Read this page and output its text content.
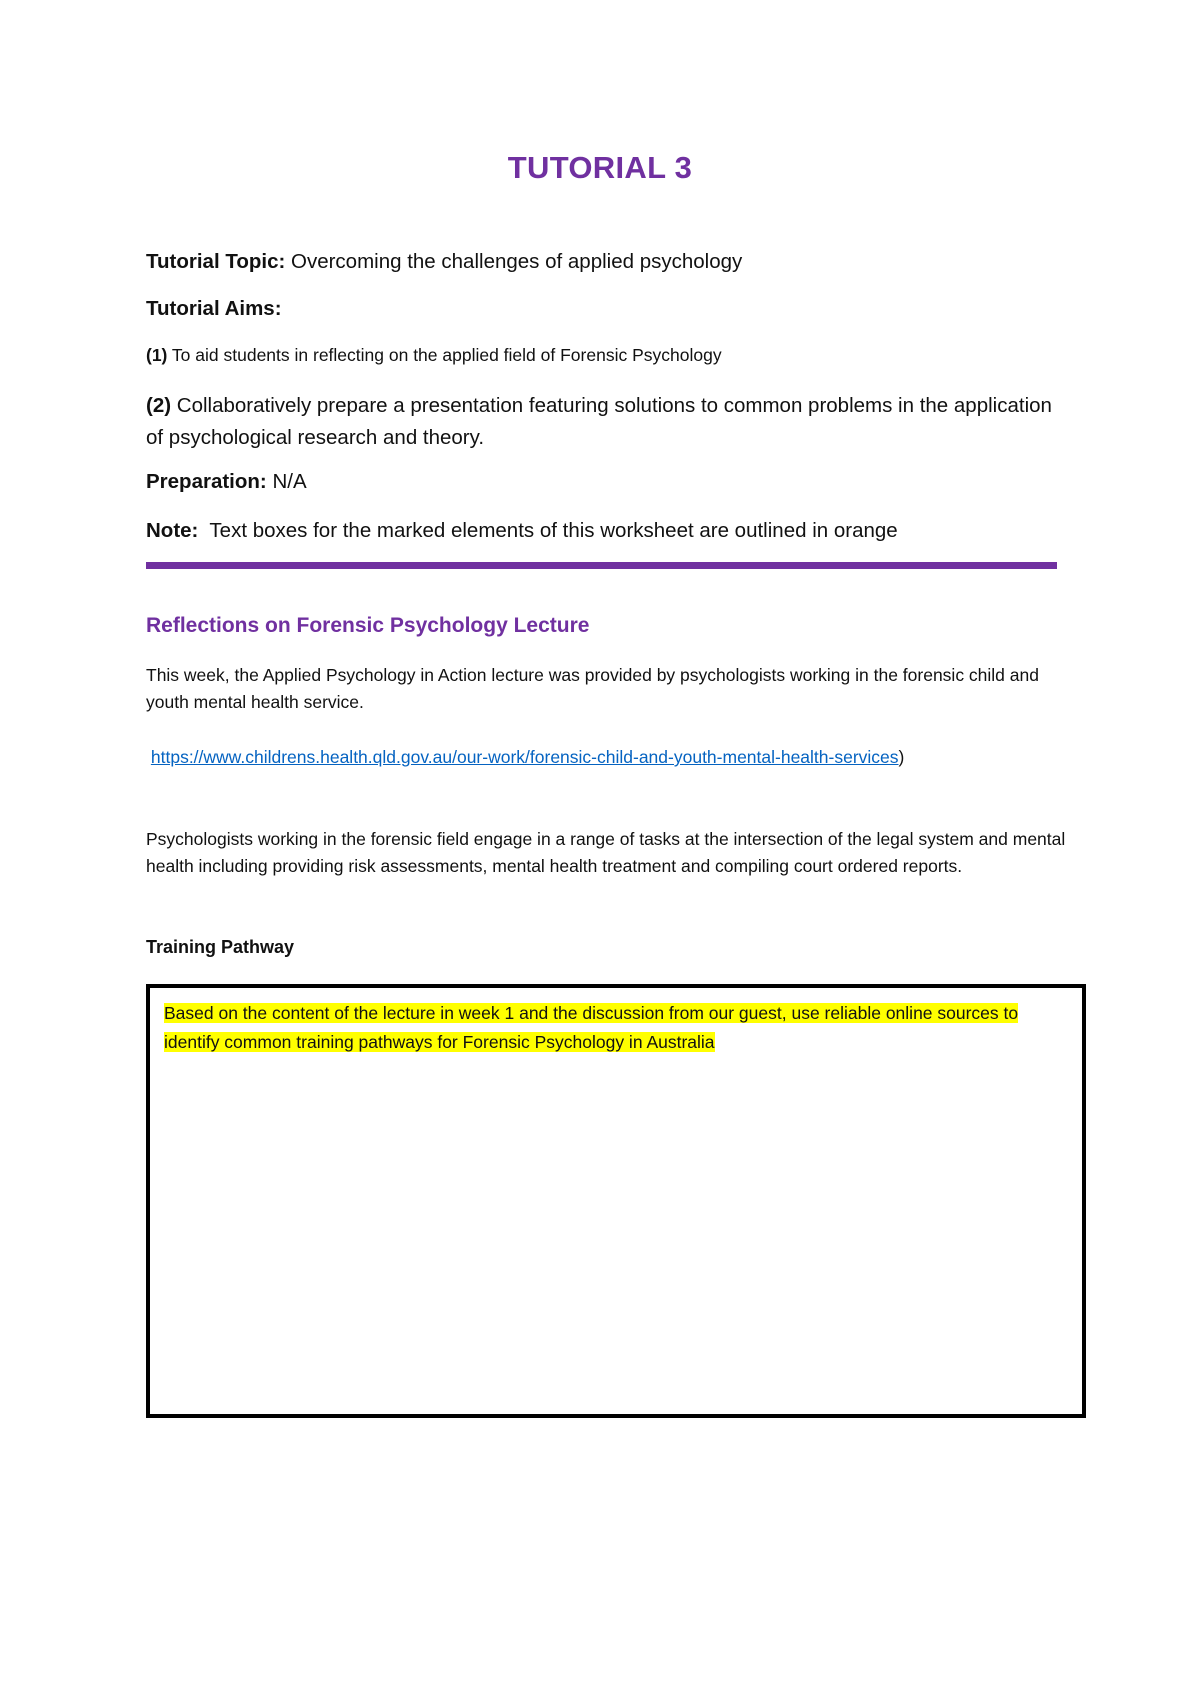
TUTORIAL 3
Tutorial Topic: Overcoming the challenges of applied psychology
Tutorial Aims:
(1) To aid students in reflecting on the applied field of Forensic Psychology
(2) Collaboratively prepare a presentation featuring solutions to common problems in the application of psychological research and theory.
Preparation: N/A
Note:  Text boxes for the marked elements of this worksheet are outlined in orange
Reflections on Forensic Psychology Lecture
This week, the Applied Psychology in Action lecture was provided by psychologists working in the forensic child and youth mental health service.
https://www.childrens.health.qld.gov.au/our-work/forensic-child-and-youth-mental-health-services)
Psychologists working in the forensic field engage in a range of tasks at the intersection of the legal system and mental health including providing risk assessments, mental health treatment and compiling court ordered reports.
Training Pathway
Based on the content of the lecture in week 1 and the discussion from our guest, use reliable online sources to identify common training pathways for Forensic Psychology in Australia
